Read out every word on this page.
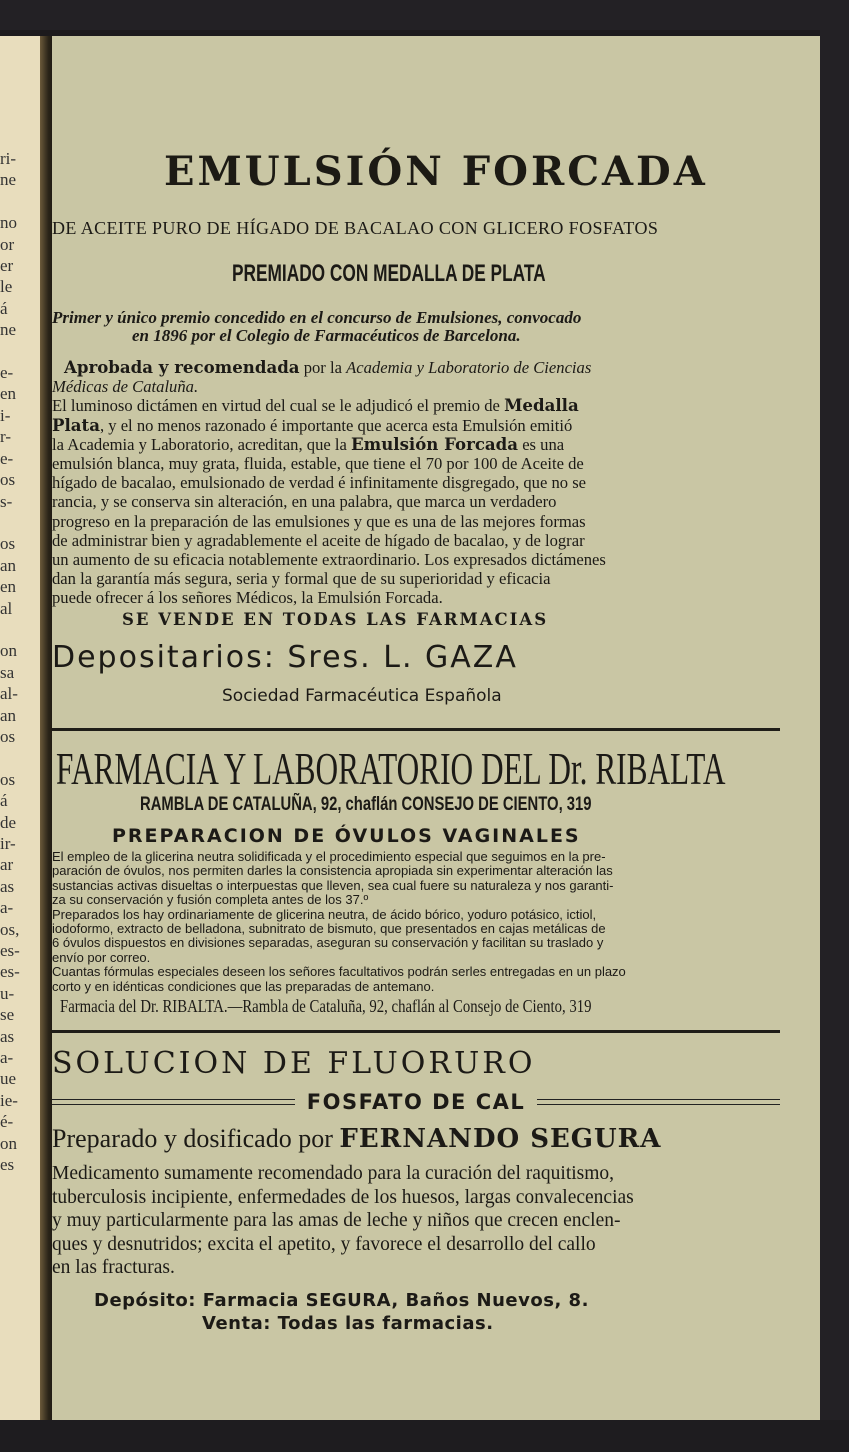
ri-
ne

no
or
er
le
á
ne

e-
en
i-
r-
e-
os
s-

os
an
en
al

on
sa
al-
an
os

os
á
de
ir-
ar
as
a-
os,
es-
es-
u-
se
as
a-
ue
ie-
é-
on
es
EMULSIÓN FORCADA
DE ACEITE PURO DE HÍGADO DE BACALAO CON GLICERO FOSFATOS
PREMIADO CON MEDALLA DE PLATA
Primer y único premio concedido en el concurso de Emulsiones, convocado
en 1896 por el Colegio de Farmacéuticos de Barcelona.
Aprobada y recomendada por la Academia y Laboratorio de Ciencias
Médicas de Cataluña.
El luminoso dictámen en virtud del cual se le adjudicó el premio de Medalla
Plata, y el no menos razonado é importante que acerca esta Emulsión emitió
la Academia y Laboratorio, acreditan, que la Emulsión Forcada es una
emulsión blanca, muy grata, fluida, estable, que tiene el 70 por 100 de Aceite de
hígado de bacalao, emulsionado de verdad é infinitamente disgregado, que no se
rancia, y se conserva sin alteración, en una palabra, que marca un verdadero
progreso en la preparación de las emulsiones y que es una de las mejores formas
de administrar bien y agradablemente el aceite de hígado de bacalao, y de lograr
un aumento de su eficacia notablemente extraordinario. Los expresados dictámenes
dan la garantía más segura, seria y formal que de su superioridad y eficacia
puede ofrecer á los señores Médicos, la Emulsión Forcada.
SE VENDE EN TODAS LAS FARMACIAS
Depositarios: Sres. L. GAZA
Sociedad Farmacéutica Española
FARMACIA Y LABORATORIO DEL Dr. RIBALTA
RAMBLA DE CATALUÑA, 92, chaflán CONSEJO DE CIENTO, 319
PREPARACION DE ÓVULOS VAGINALES
El empleo de la glicerina neutra solidificada y el procedimiento especial que seguimos en la pre-
paración de óvulos, nos permiten darles la consistencia apropiada sin experimentar alteración las
sustancias activas disueltas o interpuestas que lleven, sea cual fuere su naturaleza y nos garanti-
za su conservación y fusión completa antes de los 37.º
Preparados los hay ordinariamente de glicerina neutra, de ácido bórico, yoduro potásico, ictiol,
iodoformo, extracto de belladona, subnitrato de bismuto, que presentados en cajas metálicas de
6 óvulos dispuestos en divisiones separadas, aseguran su conservación y facilitan su traslado y
envío por correo.
Cuantas fórmulas especiales deseen los señores facultativos podrán serles entregadas en un plazo
corto y en idénticas condiciones que las preparadas de antemano.
Farmacia del Dr. RIBALTA.—Rambla de Cataluña, 92, chaflán al Consejo de Ciento, 319
SOLUCION DE FLUORURO
FOSFATO DE CAL
Preparado y dosificado por FERNANDO SEGURA
Medicamento sumamente recomendado para la curación del raquitismo,
tuberculosis incipiente, enfermedades de los huesos, largas convalecencias
y muy particularmente para las amas de leche y niños que crecen enclen-
ques y desnutridos; excita el apetito, y favorece el desarrollo del callo
en las fracturas.
Depósito: Farmacia SEGURA, Baños Nuevos, 8.
Venta: Todas las farmacias.
